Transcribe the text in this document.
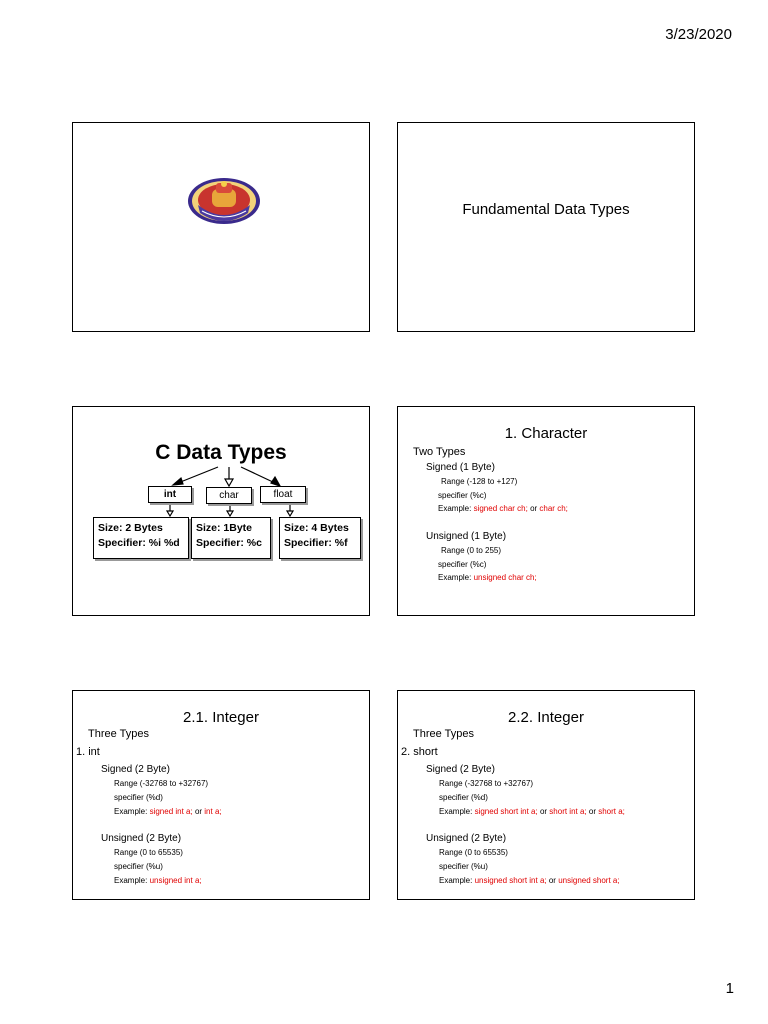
3/23/2020
Fundamental Data Types
C Data Types
int	char	float
Size: 2 Bytes
Specifier: %i %d
Size: 1Byte
Specifier: %c
Size: 4 Bytes
Specifier: %f
1. Character
Two Types
Signed (1 Byte)
Range (-128 to +127)
specifier (%c)
Example: signed char ch; or char ch;
Unsigned (1 Byte)
Range (0 to 255)
specifier (%c)
Example: unsigned char ch;
2.1. Integer
Three Types
1. int
Signed (2 Byte)
Range (-32768 to +32767)
specifier (%d)
Example: signed int a; or int a;
Unsigned (2 Byte)
Range (0 to 65535)
specifier (%u)
Example: unsigned int a;
2.2. Integer
Three Types
2. short
Signed (2 Byte)
Range (-32768 to +32767)
specifier (%d)
Example: signed short int a; or short int a; or short a;
Unsigned (2 Byte)
Range (0 to 65535)
specifier (%u)
Example: unsigned short int a; or unsigned short a;
1
